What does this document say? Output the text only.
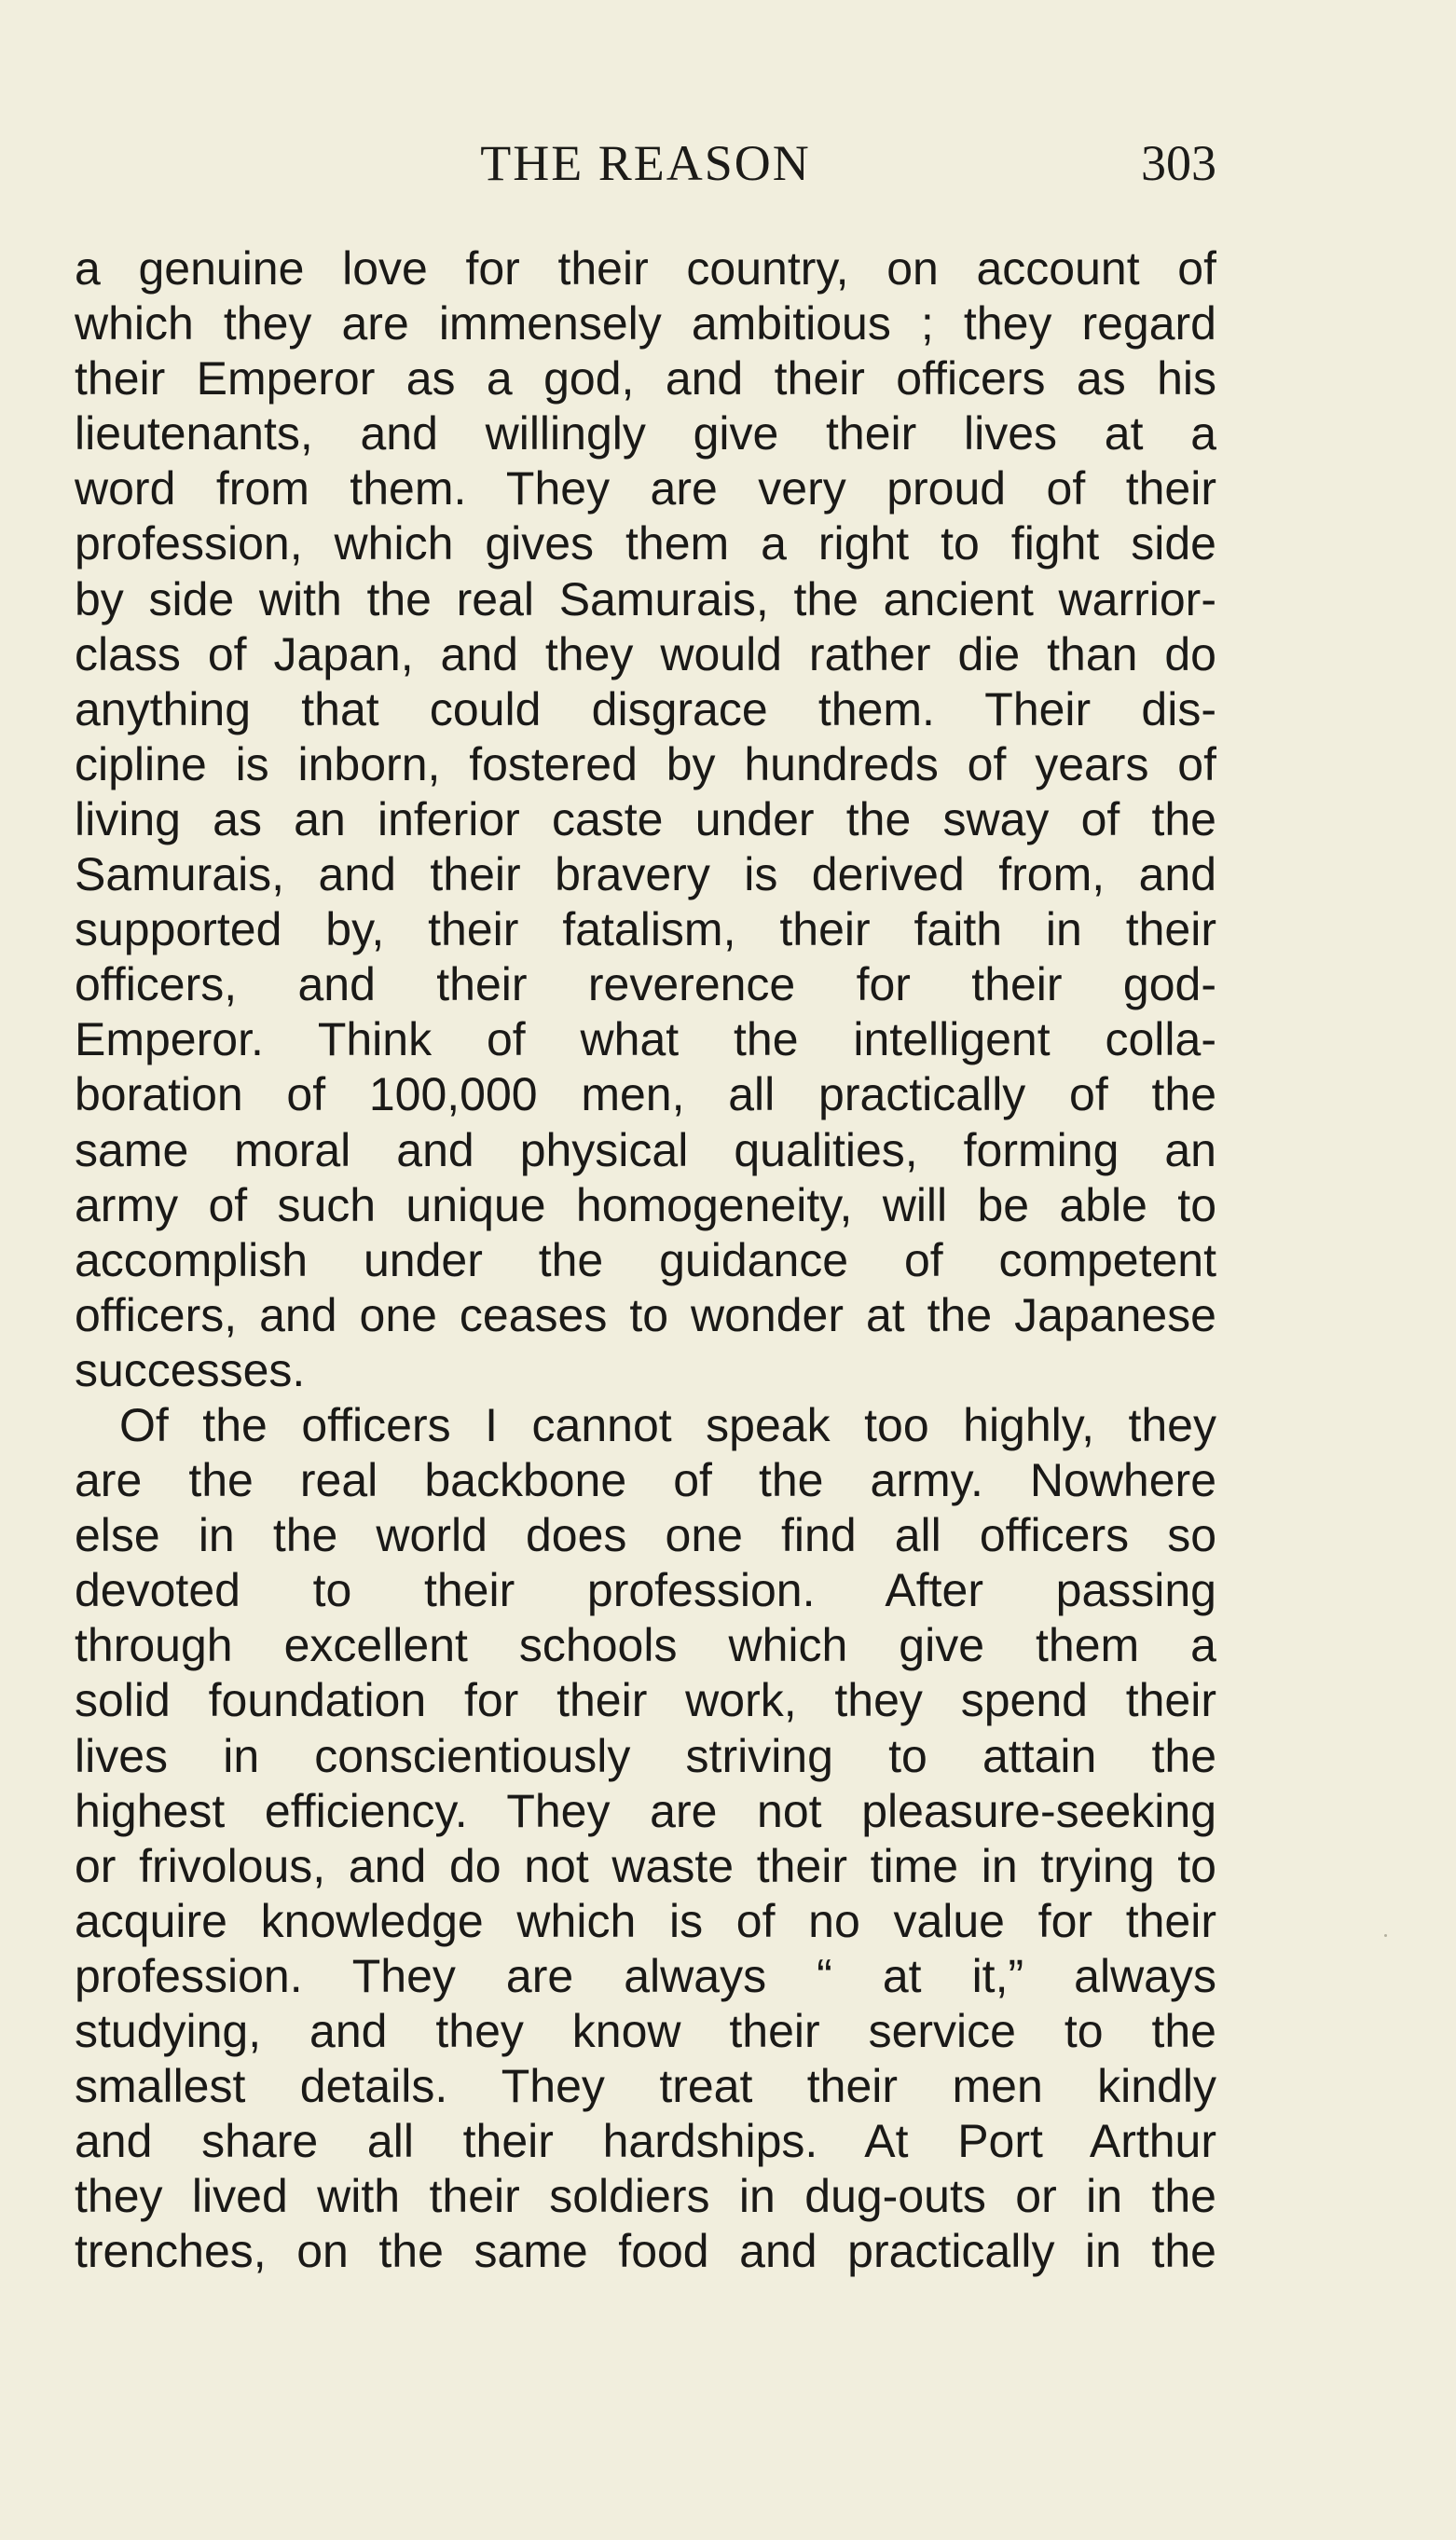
THE REASON	303
a genuine love for their country, on account of
which they are immensely ambitious ; they regard
their Emperor as a god, and their officers as his
lieutenants, and willingly give their lives at a
word from them. They are very proud of their
profession, which gives them a right to fight side
by side with the real Samurais, the ancient warrior-
class of Japan, and they would rather die than do
anything that could disgrace them. Their dis-
cipline is inborn, fostered by hundreds of years of
living as an inferior caste under the sway of the
Samurais, and their bravery is derived from, and
supported by, their fatalism, their faith in their
officers, and their reverence for their god-
Emperor. Think of what the intelligent colla-
boration of 100,000 men, all practically of the
same moral and physical qualities, forming an
army of such unique homogeneity, will be able to
accomplish under the guidance of competent
officers, and one ceases to wonder at the Japanese
successes.
Of the officers I cannot speak too highly, they
are the real backbone of the army. Nowhere
else in the world does one find all officers so
devoted to their profession. After passing
through excellent schools which give them a
solid foundation for their work, they spend their
lives in conscientiously striving to attain the
highest efficiency. They are not pleasure-seeking
or frivolous, and do not waste their time in trying to
acquire knowledge which is of no value for their
profession. They are always “ at it,” always
studying, and they know their service to the
smallest details. They treat their men kindly
and share all their hardships. At Port Arthur
they lived with their soldiers in dug-outs or in the
trenches, on the same food and practically in the
